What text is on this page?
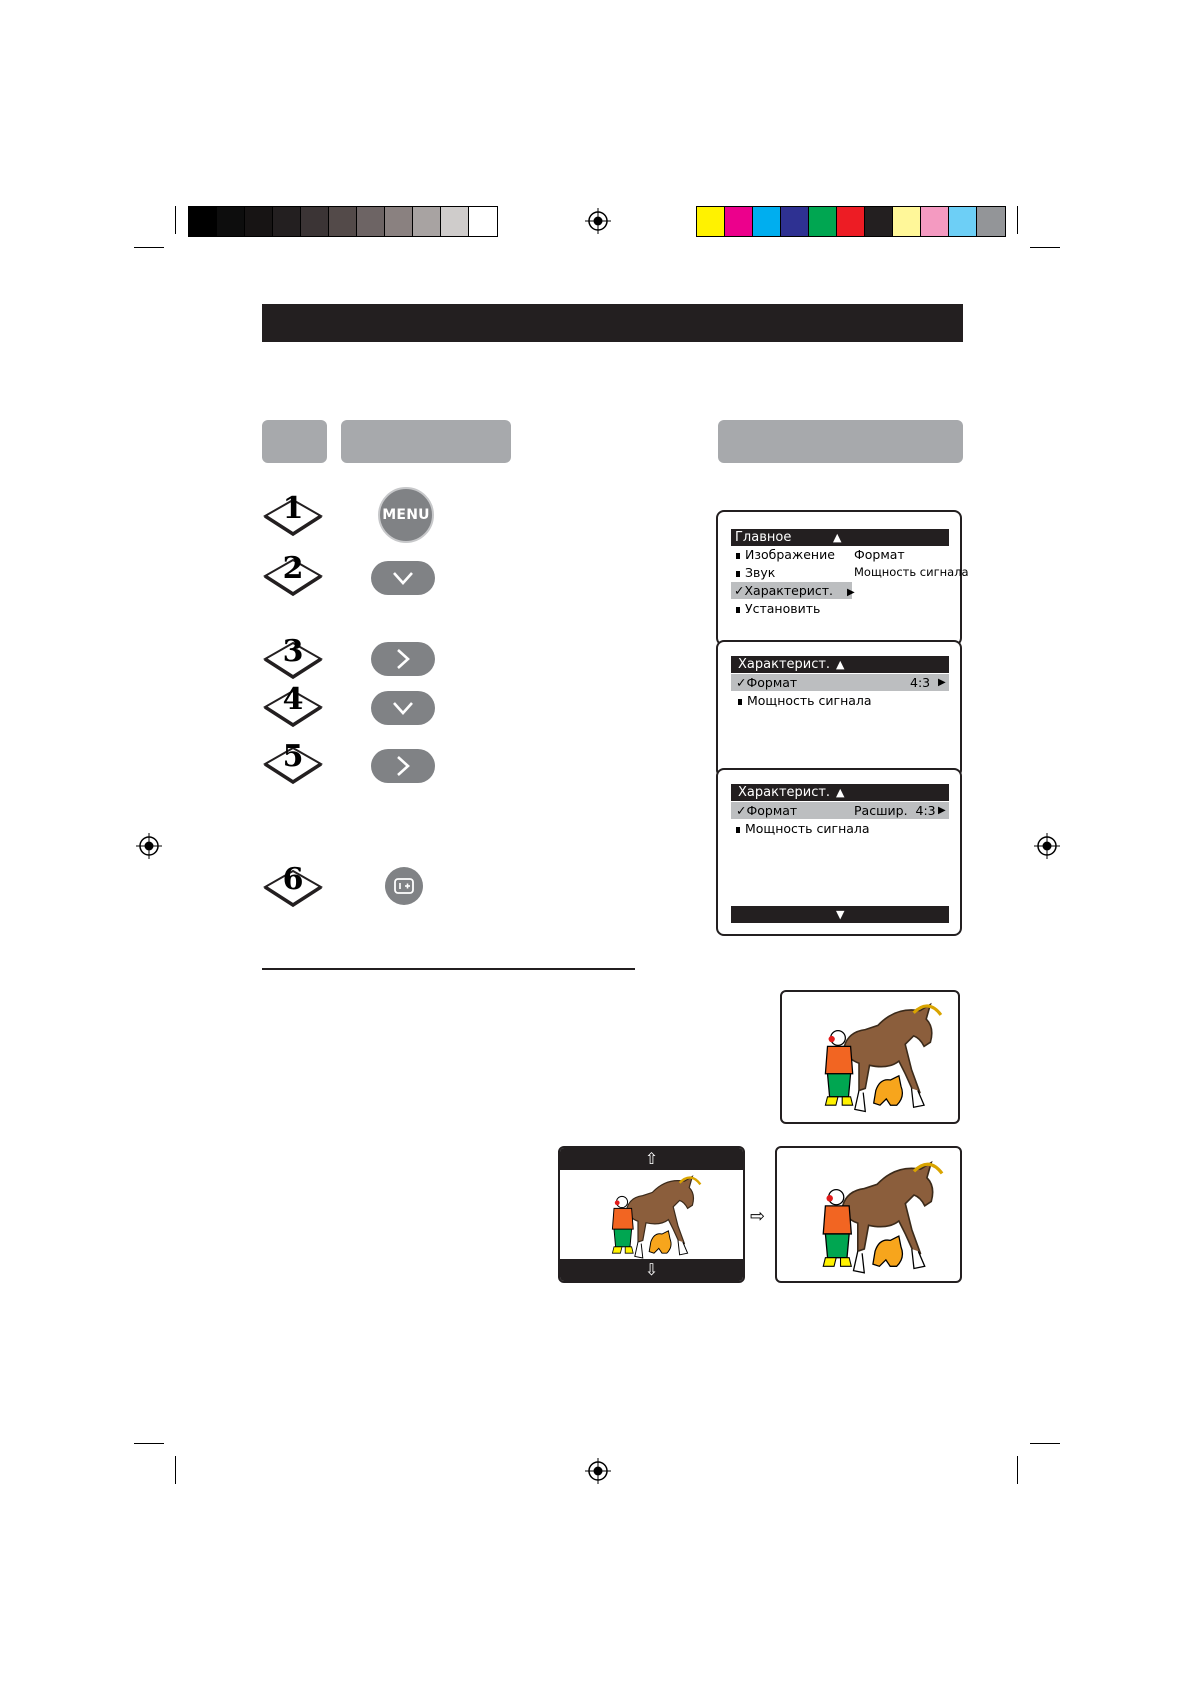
1	MENU
2
3
4
5
6
Главное	▲
Изображение
Звук
✓Характерист. ▶
Установить
Формат
Мощность сигнала
Характерист. ▲
✓Формат	4:3 ▶
Мощность сигнала
Характерист. ▲
✓Формат	Расшир.  4:3 ▶
Мощность сигнала
▼
⇧
⇩
⇨
